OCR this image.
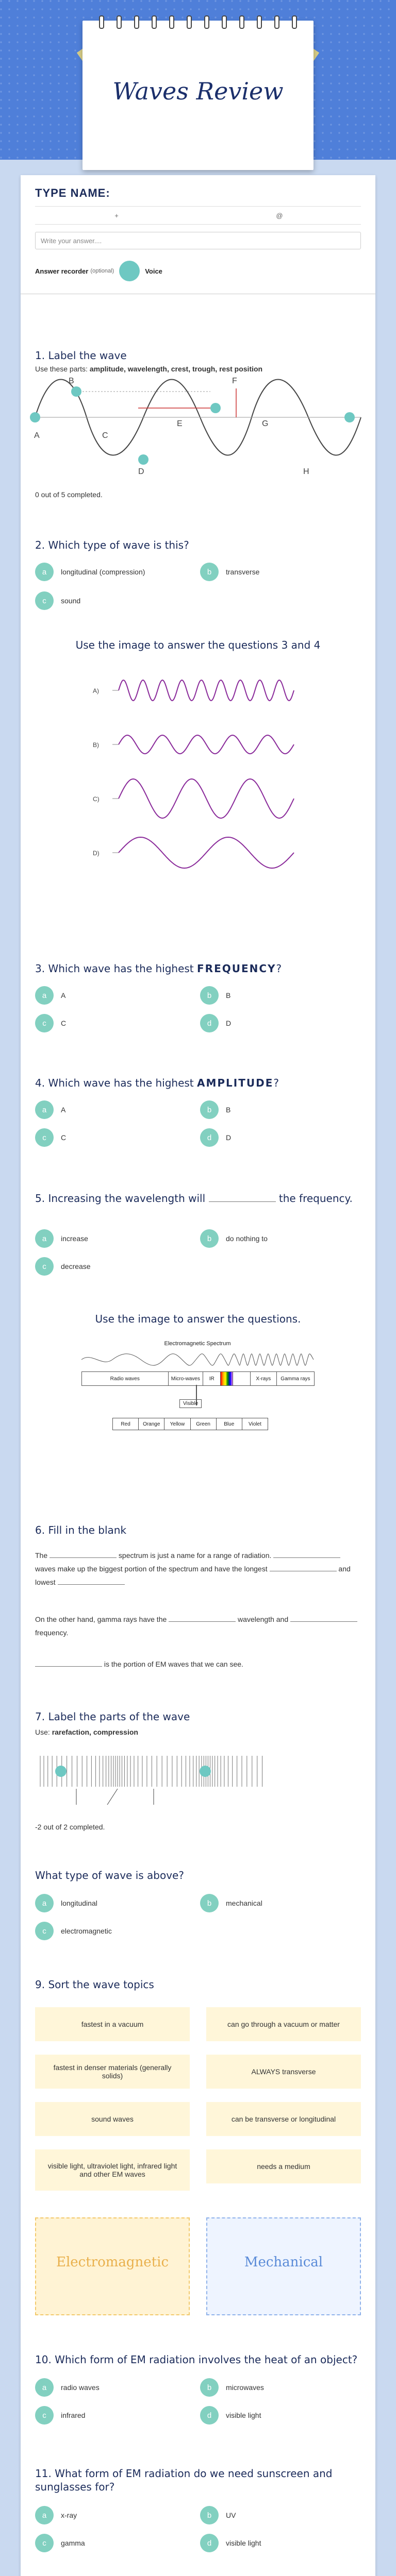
Waves Review
TYPE NAME:
+	@
Write your answer....
Answer recorder (optional)	Voice
1. Label the wave
Use these parts: amplitude, wavelength, crest, trough, rest position
B	F
A	C
E	G
D	H
0 out of 5 completed.
2. Which type of wave is this?
a	longitudinal (compression)	b	transverse
c	sound
Use the image to answer the questions 3 and 4
A)
B)
C)
D)
3. Which wave has the highest FREQUENCY?
a	A	b	B
c	C	d	D
4. Which wave has the highest AMPLITUDE?
a	A	b	B
c	C	d	D
5. Increasing the wavelength will	the frequency.
a	increase	b	do nothing to
c	decrease
Use the image to answer the questions.
Electromagnetic Spectrum
Radio waves	Micro-waves	IR	X-rays	Gamma rays
Visible
Red	Orange	Yellow	Green	Blue	Violet
6. Fill in the blank
The	spectrum is just a name for a range of radiation.  waves make up the biggest portion of the spectrum and have the longest	and lowest
On the other hand, gamma rays have the	wavelength and  frequency.
is the portion of EM waves that we can see.
7. Label the parts of the wave
Use: rarefaction, compression
-2 out of 2 completed.
What type of wave is above?
a	longitudinal	b	mechanical
c	electromagnetic
9. Sort the wave topics
fastest in a vacuum	can go through a vacuum or matter
fastest in denser materials (generally solids)	ALWAYS transverse
sound waves	can be transverse or longitudinal
visible light, ultraviolet light, infrared light and other EM waves
needs a medium
Electromagnetic	Mechanical
10. Which form of EM radiation involves the heat of an object?
a	radio waves	b	microwaves
c	infrared	d	visible light
11. What form of EM radiation do we need sunscreen and sunglasses for?
a	x-ray	b	UV
c	gamma	d	visible light
